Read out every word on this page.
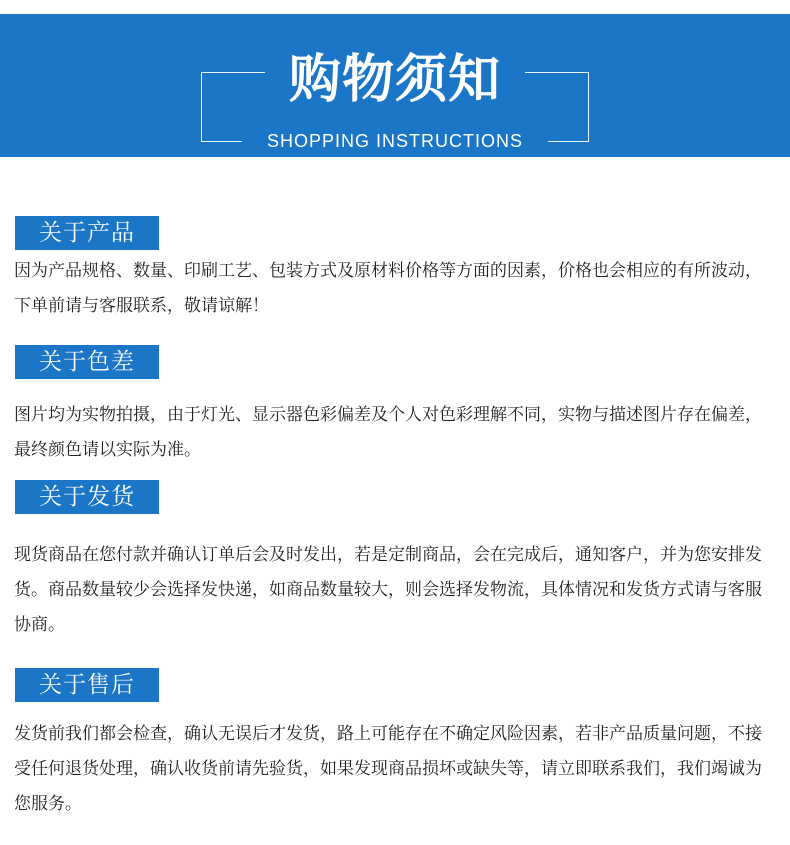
购物须知
SHOPPING INSTRUCTIONS
关于产品

因为产品规格、数量、印刷工艺、包装方式及原材料价格等方面的因素，价格也会相应的有所波动，下单前请与客服联系，敬请谅解！

关于色差

图片均为实物拍摄，由于灯光、显示器色彩偏差及个人对色彩理解不同，实物与描述图片存在偏差，最终颜色请以实际为准。

关于发货

现货商品在您付款并确认订单后会及时发出，若是定制商品，会在完成后，通知客户，并为您安排发货。商品数量较少会选择发快递，如商品数量较大，则会选择发物流，具体情况和发货方式请与客服协商。

关于售后

发货前我们都会检查，确认无误后才发货，路上可能存在不确定风险因素，若非产品质量问题，不接受任何退货处理，确认收货前请先验货，如果发现商品损坏或缺失等，请立即联系我们，我们竭诚为您服务。
